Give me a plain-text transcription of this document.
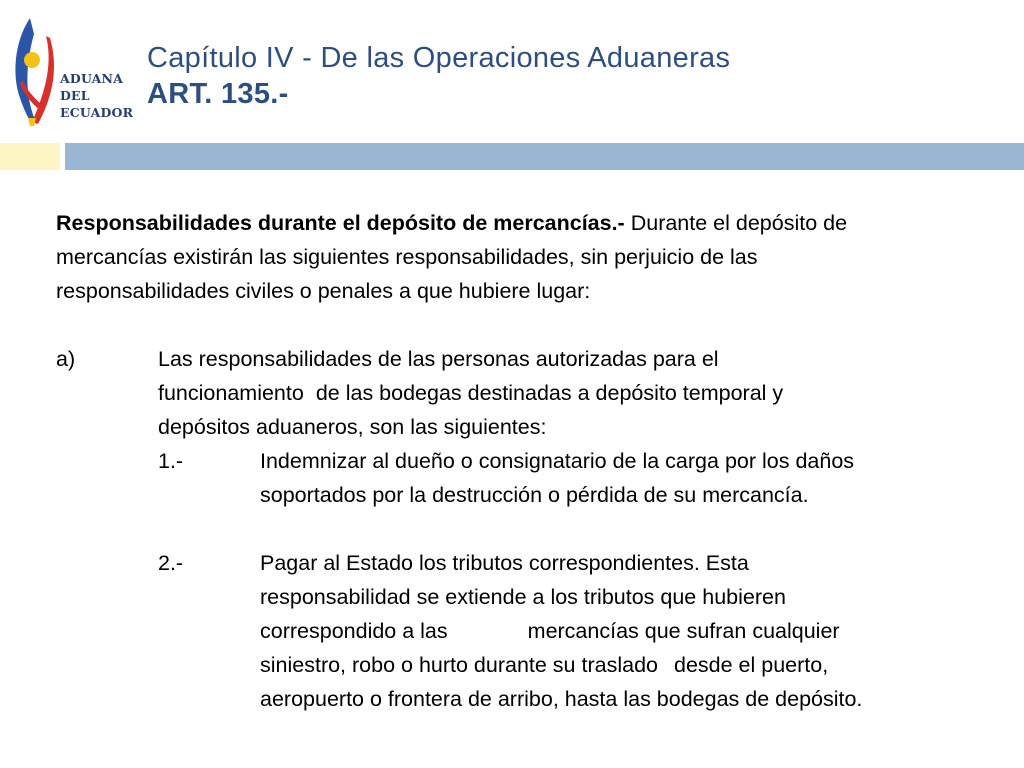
ADUANA
DEL
ECUADOR
Capítulo IV - De las Operaciones Aduaneras
ART. 135.-

Responsabilidades durante el depósito de mercancías.- Durante el depósito de
mercancías existirán las siguientes responsabilidades, sin perjuicio de las
responsabilidades civiles o penales a que hubiere lugar:

a)	Las responsabilidades de las personas autorizadas para el
funcionamiento de las bodegas destinadas a depósito temporal y
depósitos aduaneros, son las siguientes:
1.-	Indemnizar al dueño o consignatario de la carga por los daños
soportados por la destrucción o pérdida de su mercancía.
2.-	Pagar al Estado los tributos correspondientes. Esta
responsabilidad se extiende a los tributos que hubieren
correspondido a las	mercancías que sufran cualquier
siniestro, robo o hurto durante su traslado desde el puerto,
aeropuerto o frontera de arribo, hasta las bodegas de depósito.
